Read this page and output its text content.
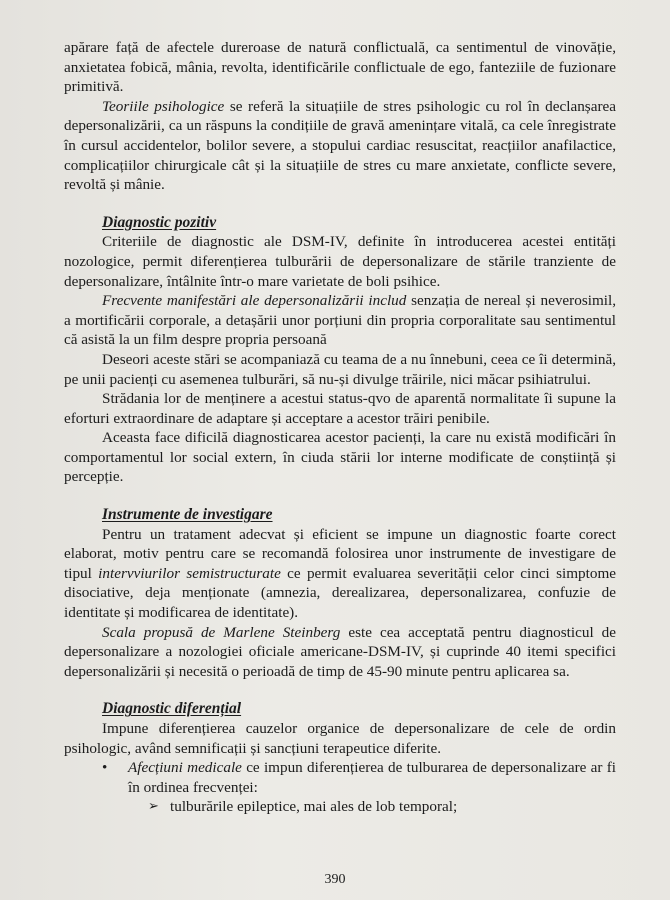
apărare față de afectele dureroase de natură conflictuală, ca sentimentul de vinovăție, anxietatea fobică, mânia, revolta, identificările conflictuale de ego, fanteziile de fuzionare primitivă.

Teoriile psihologice se referă la situațiile de stres psihologic cu rol în declanșarea depersonalizării, ca un răspuns la condițiile de gravă amenințare vitală, ca cele înregistrate în cursul accidentelor, bolilor severe, a stopului cardiac resuscitat, reacțiilor anafilactice, complicațiilor chirurgicale cât și la situațiile de stres cu mare anxietate, conflicte severe, revoltă și mânie.

Diagnostic pozitiv

Criteriile de diagnostic ale DSM-IV, definite în introducerea acestei entități nozologice, permit diferențierea tulburării de depersonalizare de stările tranziente de depersonalizare, întâlnite într-o mare varietate de boli psihice.

Frecvente manifestări ale depersonalizării includ senzația de nereal și neverosimil, a mortificării corporale, a detașării unor porțiuni din propria corporalitate sau sentimentul că asistă la un film despre propria persoană

Deseori aceste stări se acompaniază cu teama de a nu înnebuni, ceea ce îi determină, pe unii pacienți cu asemenea tulburări, să nu-și divulge trăirile, nici măcar psihiatrului.

Strădania lor de menținere a acestui status-qvo de aparentă normalitate îi supune la eforturi extraordinare de adaptare și acceptare a acestor trăiri penibile.

Aceasta face dificilă diagnosticarea acestor pacienți, la care nu există modificări în comportamentul lor social extern, în ciuda stării lor interne modificate de conștiință și percepție.

Instrumente de investigare

Pentru un tratament adecvat și eficient se impune un diagnostic foarte corect elaborat, motiv pentru care se recomandă folosirea unor instrumente de investigare de tipul intervviurilor semistructurate ce permit evaluarea severității celor cinci simptome disociative, deja menționate (amnezia, derealizarea, depersonalizarea, confuzie de identitate și modificarea de identitate).

Scala propusă de Marlene Steinberg este cea acceptată pentru diagnosticul de depersonalizare a nozologiei oficiale americane-DSM-IV, și cuprinde 40 itemi specifici depersonalizării și necesită o perioadă de timp de 45-90 minute pentru aplicarea sa.

Diagnostic diferențial

Impune diferențierea cauzelor organice de depersonalizare de cele de ordin psihologic, având semnificații și sancțiuni terapeutice diferite.

•	Afecțiuni medicale ce impun diferențierea de tulburarea de depersonalizare ar fi în ordinea frecvenței:
➢ tulburările epileptice, mai ales de lob temporal;
390
